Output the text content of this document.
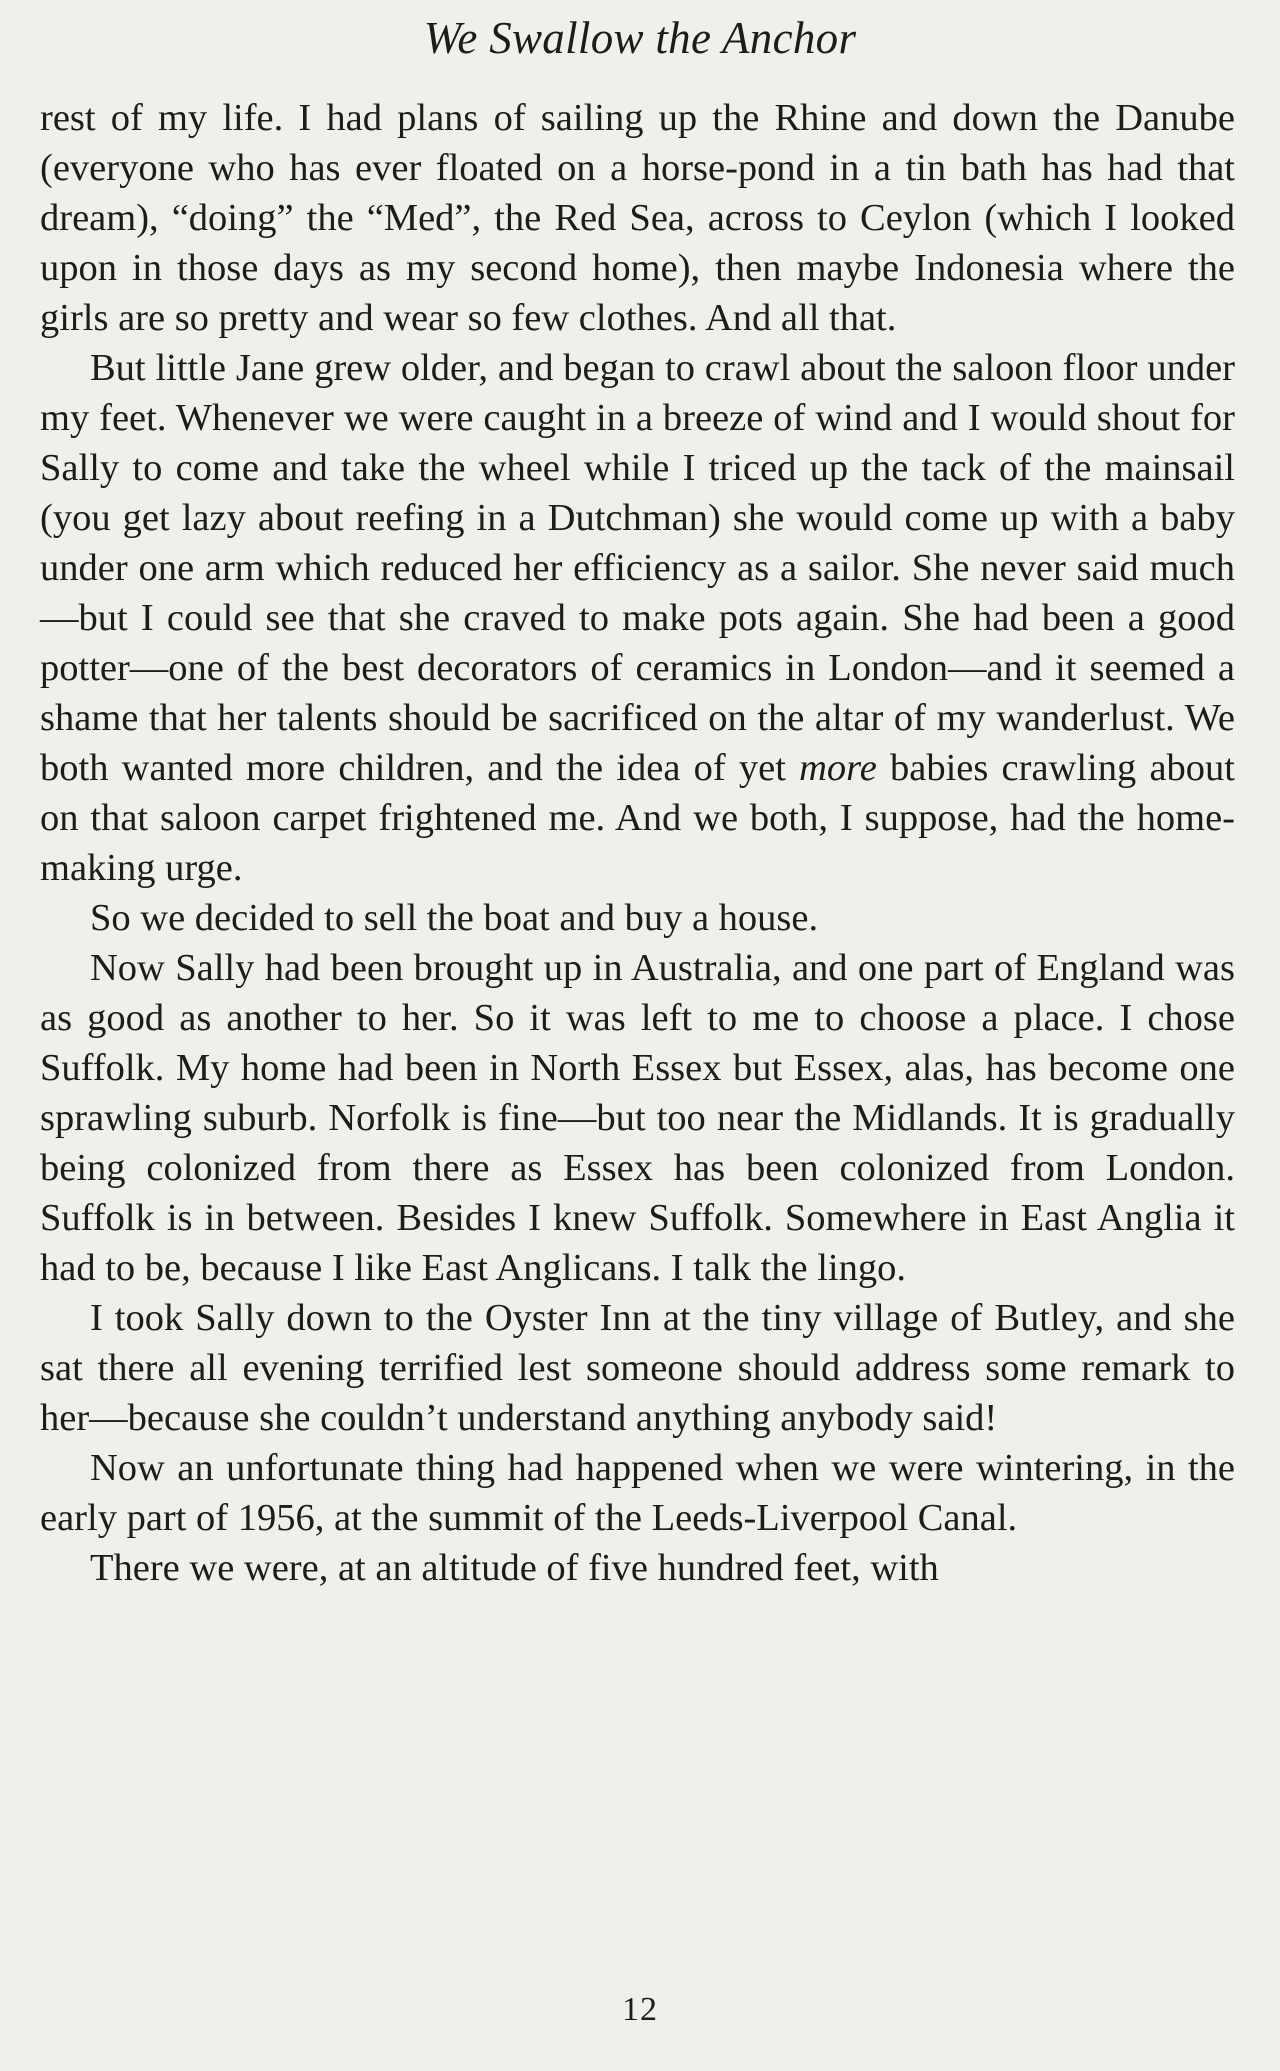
We Swallow the Anchor

rest of my life. I had plans of sailing up the Rhine and down the Danube (everyone who has ever floated on a horse-pond in a tin bath has had that dream), “doing” the “Med”, the Red Sea, across to Ceylon (which I looked upon in those days as my second home), then maybe Indonesia where the girls are so pretty and wear so few clothes. And all that.

But little Jane grew older, and began to crawl about the saloon floor under my feet. Whenever we were caught in a breeze of wind and I would shout for Sally to come and take the wheel while I triced up the tack of the mainsail (you get lazy about reefing in a Dutchman) she would come up with a baby under one arm which reduced her efficiency as a sailor. She never said much—but I could see that she craved to make pots again. She had been a good potter—one of the best decorators of ceramics in London—and it seemed a shame that her talents should be sacrificed on the altar of my wanderlust. We both wanted more children, and the idea of yet more babies crawling about on that saloon carpet frightened me. And we both, I suppose, had the home-making urge.

So we decided to sell the boat and buy a house.

Now Sally had been brought up in Australia, and one part of England was as good as another to her. So it was left to me to choose a place. I chose Suffolk. My home had been in North Essex but Essex, alas, has become one sprawling suburb. Norfolk is fine—but too near the Midlands. It is gradually being colonized from there as Essex has been colonized from London. Suffolk is in between. Besides I knew Suffolk. Somewhere in East Anglia it had to be, because I like East Anglicans. I talk the lingo.

I took Sally down to the Oyster Inn at the tiny village of Butley, and she sat there all evening terrified lest someone should address some remark to her—because she couldn’t understand anything anybody said!

Now an unfortunate thing had happened when we were wintering, in the early part of 1956, at the summit of the Leeds-Liverpool Canal.

There we were, at an altitude of five hundred feet, with

12
